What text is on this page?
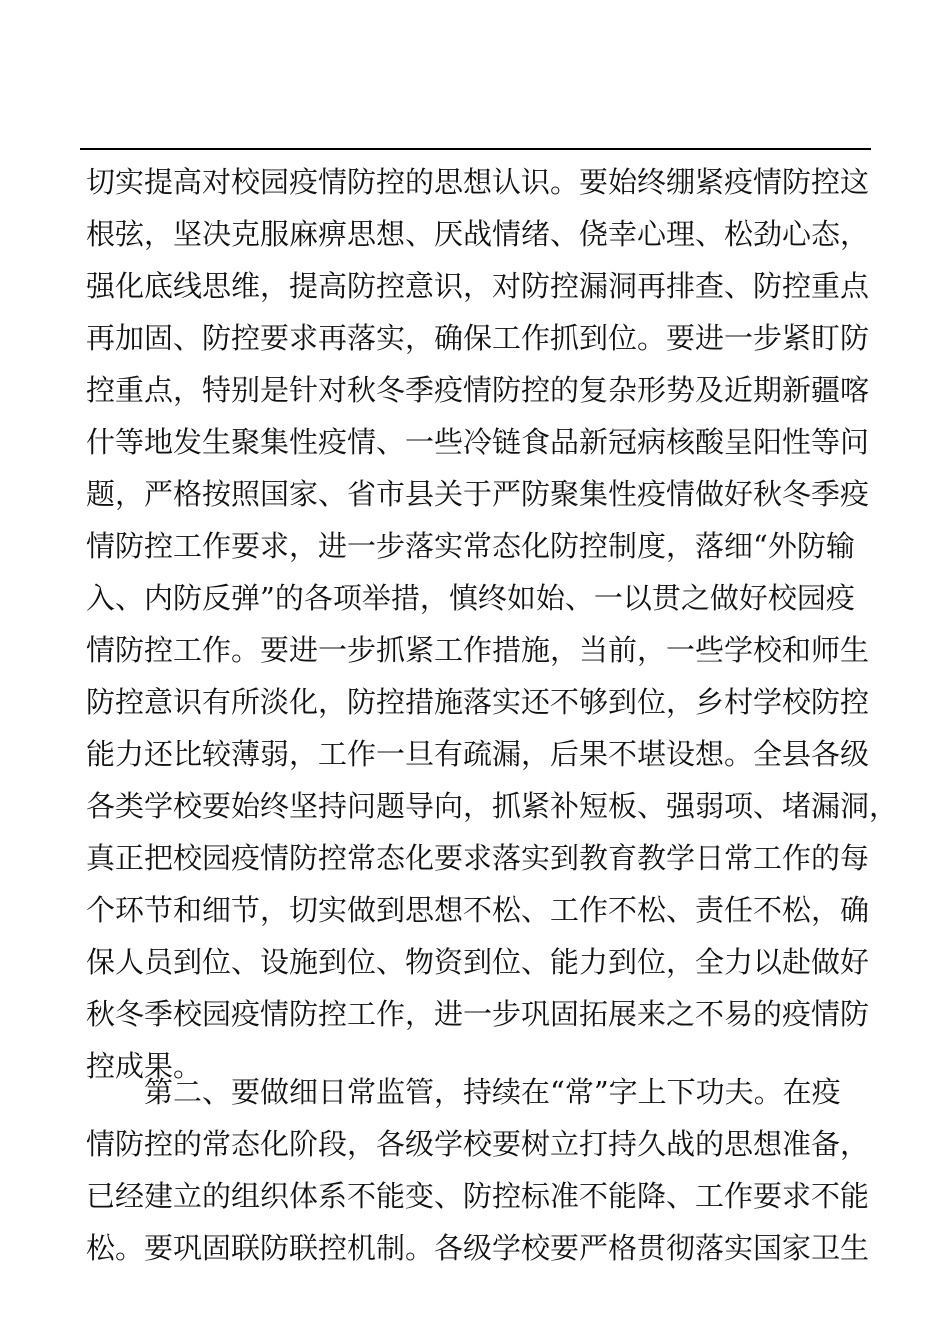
切实提高对校园疫情防控的思想认识。要始终绷紧疫情防控这
根弦，坚决克服麻痹思想、厌战情绪、侥幸心理、松劲心态，
强化底线思维，提高防控意识，对防控漏洞再排查、防控重点
再加固、防控要求再落实，确保工作抓到位。要进一步紧盯防
控重点，特别是针对秋冬季疫情防控的复杂形势及近期新疆喀
什等地发生聚集性疫情、一些冷链食品新冠病核酸呈阳性等问
题，严格按照国家、省市县关于严防聚集性疫情做好秋冬季疫
情防控工作要求，进一步落实常态化防控制度，落细“外防输
入、内防反弹”的各项举措，慎终如始、一以贯之做好校园疫
情防控工作。要进一步抓紧工作措施，当前，一些学校和师生
防控意识有所淡化，防控措施落实还不够到位，乡村学校防控
能力还比较薄弱，工作一旦有疏漏，后果不堪设想。全县各级
各类学校要始终坚持问题导向，抓紧补短板、强弱项、堵漏洞，
真正把校园疫情防控常态化要求落实到教育教学日常工作的每
个环节和细节，切实做到思想不松、工作不松、责任不松，确
保人员到位、设施到位、物资到位、能力到位，全力以赴做好
秋冬季校园疫情防控工作，进一步巩固拓展来之不易的疫情防
控成果。
　　第二、要做细日常监管，持续在“常”字上下功夫。在疫
情防控的常态化阶段，各级学校要树立打持久战的思想准备，
已经建立的组织体系不能变、防控标准不能降、工作要求不能
松。要巩固联防联控机制。各级学校要严格贯彻落实国家卫生
